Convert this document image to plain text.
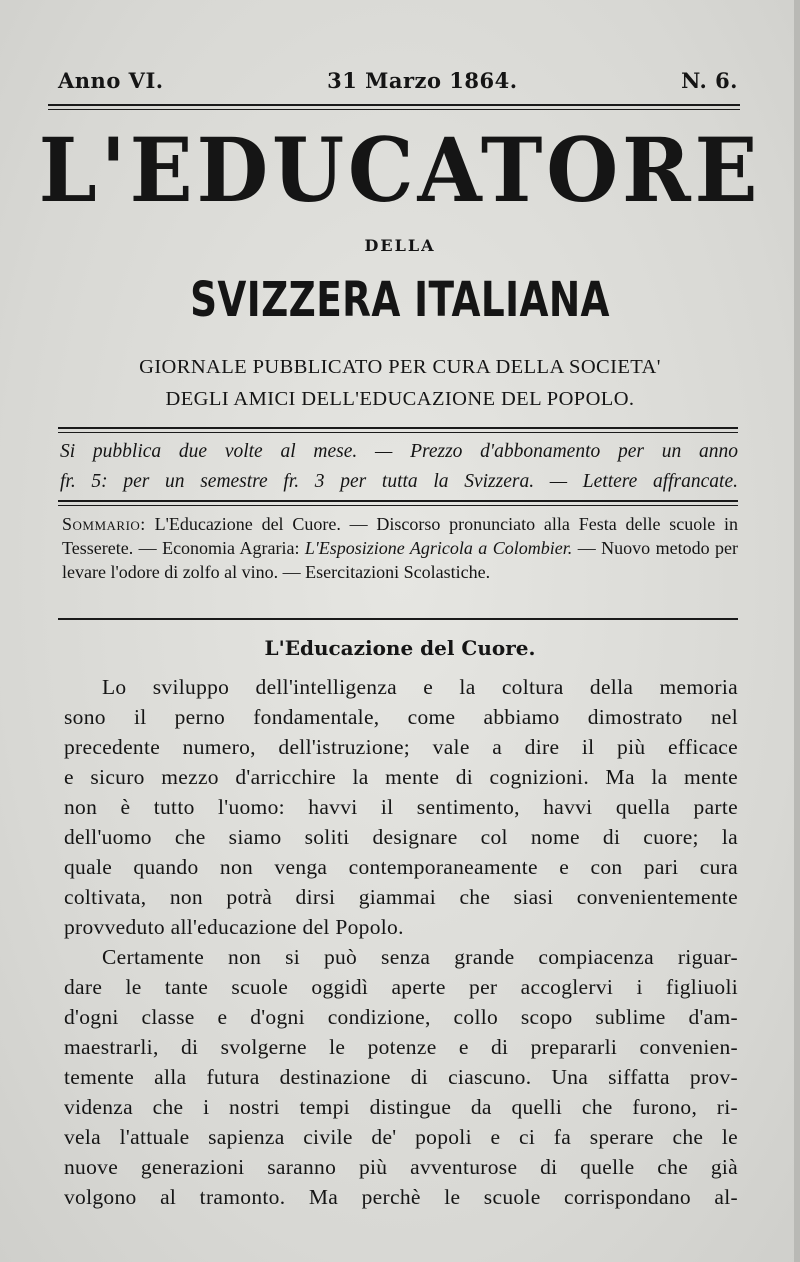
Anno VI.	31 Marzo 1864.	N. 6.
L'EDUCATORE
DELLA
SVIZZERA ITALIANA
GIORNALE PUBBLICATO PER CURA DELLA SOCIETA'
DEGLI AMICI DELL'EDUCAZIONE DEL POPOLO.
Si pubblica due volte al mese. — Prezzo d'abbonamento per un anno
fr. 5: per un semestre fr. 3 per tutta la Svizzera. — Lettere affrancate.
Sommario: L'Educazione del Cuore. — Discorso pronunciato alla Festa delle scuole in Tesserete. — Economia Agraria: L'Esposizione Agricola a Colombier. — Nuovo metodo per levare l'odore di zolfo al vino. — Esercitazioni Scolastiche.
L'Educazione del Cuore.
Lo sviluppo dell'intelligenza e la coltura della memoria
sono il perno fondamentale, come abbiamo dimostrato nel
precedente numero, dell'istruzione; vale a dire il più efficace
e sicuro mezzo d'arricchire la mente di cognizioni. Ma la mente
non è tutto l'uomo: havvi il sentimento, havvi quella parte
dell'uomo che siamo soliti designare col nome di cuore; la
quale quando non venga contemporaneamente e con pari cura
coltivata, non potrà dirsi giammai che siasi convenientemente
provveduto all'educazione del Popolo.
Certamente non si può senza grande compiacenza riguar-
dare le tante scuole oggidì aperte per accoglervi i figliuoli
d'ogni classe e d'ogni condizione, collo scopo sublime d'am-
maestrarli, di svolgerne le potenze e di prepararli convenien-
temente alla futura destinazione di ciascuno. Una siffatta prov-
videnza che i nostri tempi distingue da quelli che furono, ri-
vela l'attuale sapienza civile de' popoli e ci fa sperare che le
nuove generazioni saranno più avventurose di quelle che già
volgono al tramonto. Ma perchè le scuole corrispondano al-
